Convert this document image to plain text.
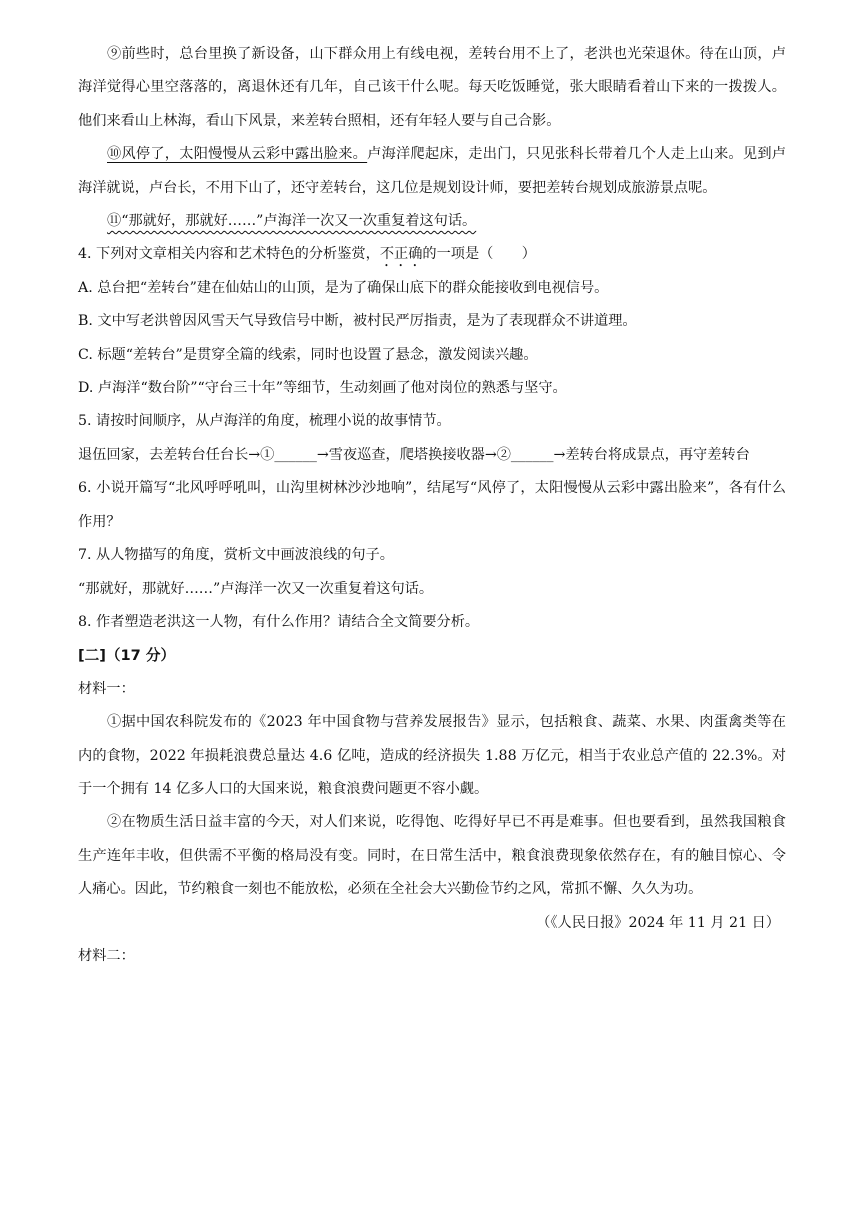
⑨前些时，总台里换了新设备，山下群众用上有线电视，差转台用不上了，老洪也光荣退休。待在山顶，卢海洋觉得心里空落落的，离退休还有几年，自己该干什么呢。每天吃饭睡觉，张大眼睛看着山下来的一拨拨人。他们来看山上林海，看山下风景，来差转台照相，还有年轻人要与自己合影。

⑩风停了，太阳慢慢从云彩中露出脸来。卢海洋爬起床，走出门，只见张科长带着几个人走上山来。见到卢海洋就说，卢台长，不用下山了，还守差转台，这几位是规划设计师，要把差转台规划成旅游景点呢。

⑪“那就好，那就好……”卢海洋一次又一次重复着这句话。

4. 下列对文章相关内容和艺术特色的分析鉴赏，不正确的一项是（　　）

A. 总台把“差转台”建在仙姑山的山顶，是为了确保山底下的群众能接收到电视信号。

B. 文中写老洪曾因风雪天气导致信号中断，被村民严厉指责，是为了表现群众不讲道理。

C. 标题“差转台”是贯穿全篇的线索，同时也设置了悬念，激发阅读兴趣。

D. 卢海洋“数台阶”“守台三十年”等细节，生动刻画了他对岗位的熟悉与坚守。

5. 请按时间顺序，从卢海洋的角度，梳理小说的故事情节。

退伍回家，去差转台任台长→①______→雪夜巡查，爬塔换接收器→②______→差转台将成景点，再守差转台

6. 小说开篇写“北风呼呼吼叫，山沟里树林沙沙地响”，结尾写“风停了，太阳慢慢从云彩中露出脸来”，各有什么作用？

7. 从人物描写的角度，赏析文中画波浪线的句子。

“那就好，那就好……”卢海洋一次又一次重复着这句话。

8. 作者塑造老洪这一人物，有什么作用？请结合全文简要分析。

[二]（17 分）

材料一：

①据中国农科院发布的《2023 年中国食物与营养发展报告》显示，包括粮食、蔬菜、水果、肉蛋禽类等在内的食物，2022 年损耗浪费总量达 4.6 亿吨，造成的经济损失 1.88 万亿元，相当于农业总产值的 22.3%。对于一个拥有 14 亿多人口的大国来说，粮食浪费问题更不容小觑。

②在物质生活日益丰富的今天，对人们来说，吃得饱、吃得好早已不再是难事。但也要看到，虽然我国粮食生产连年丰收，但供需不平衡的格局没有变。同时，在日常生活中，粮食浪费现象依然存在，有的触目惊心、令人痛心。因此，节约粮食一刻也不能放松，必须在全社会大兴勤俭节约之风，常抓不懈、久久为功。

（《人民日报》2024 年 11 月 21 日）

材料二：
